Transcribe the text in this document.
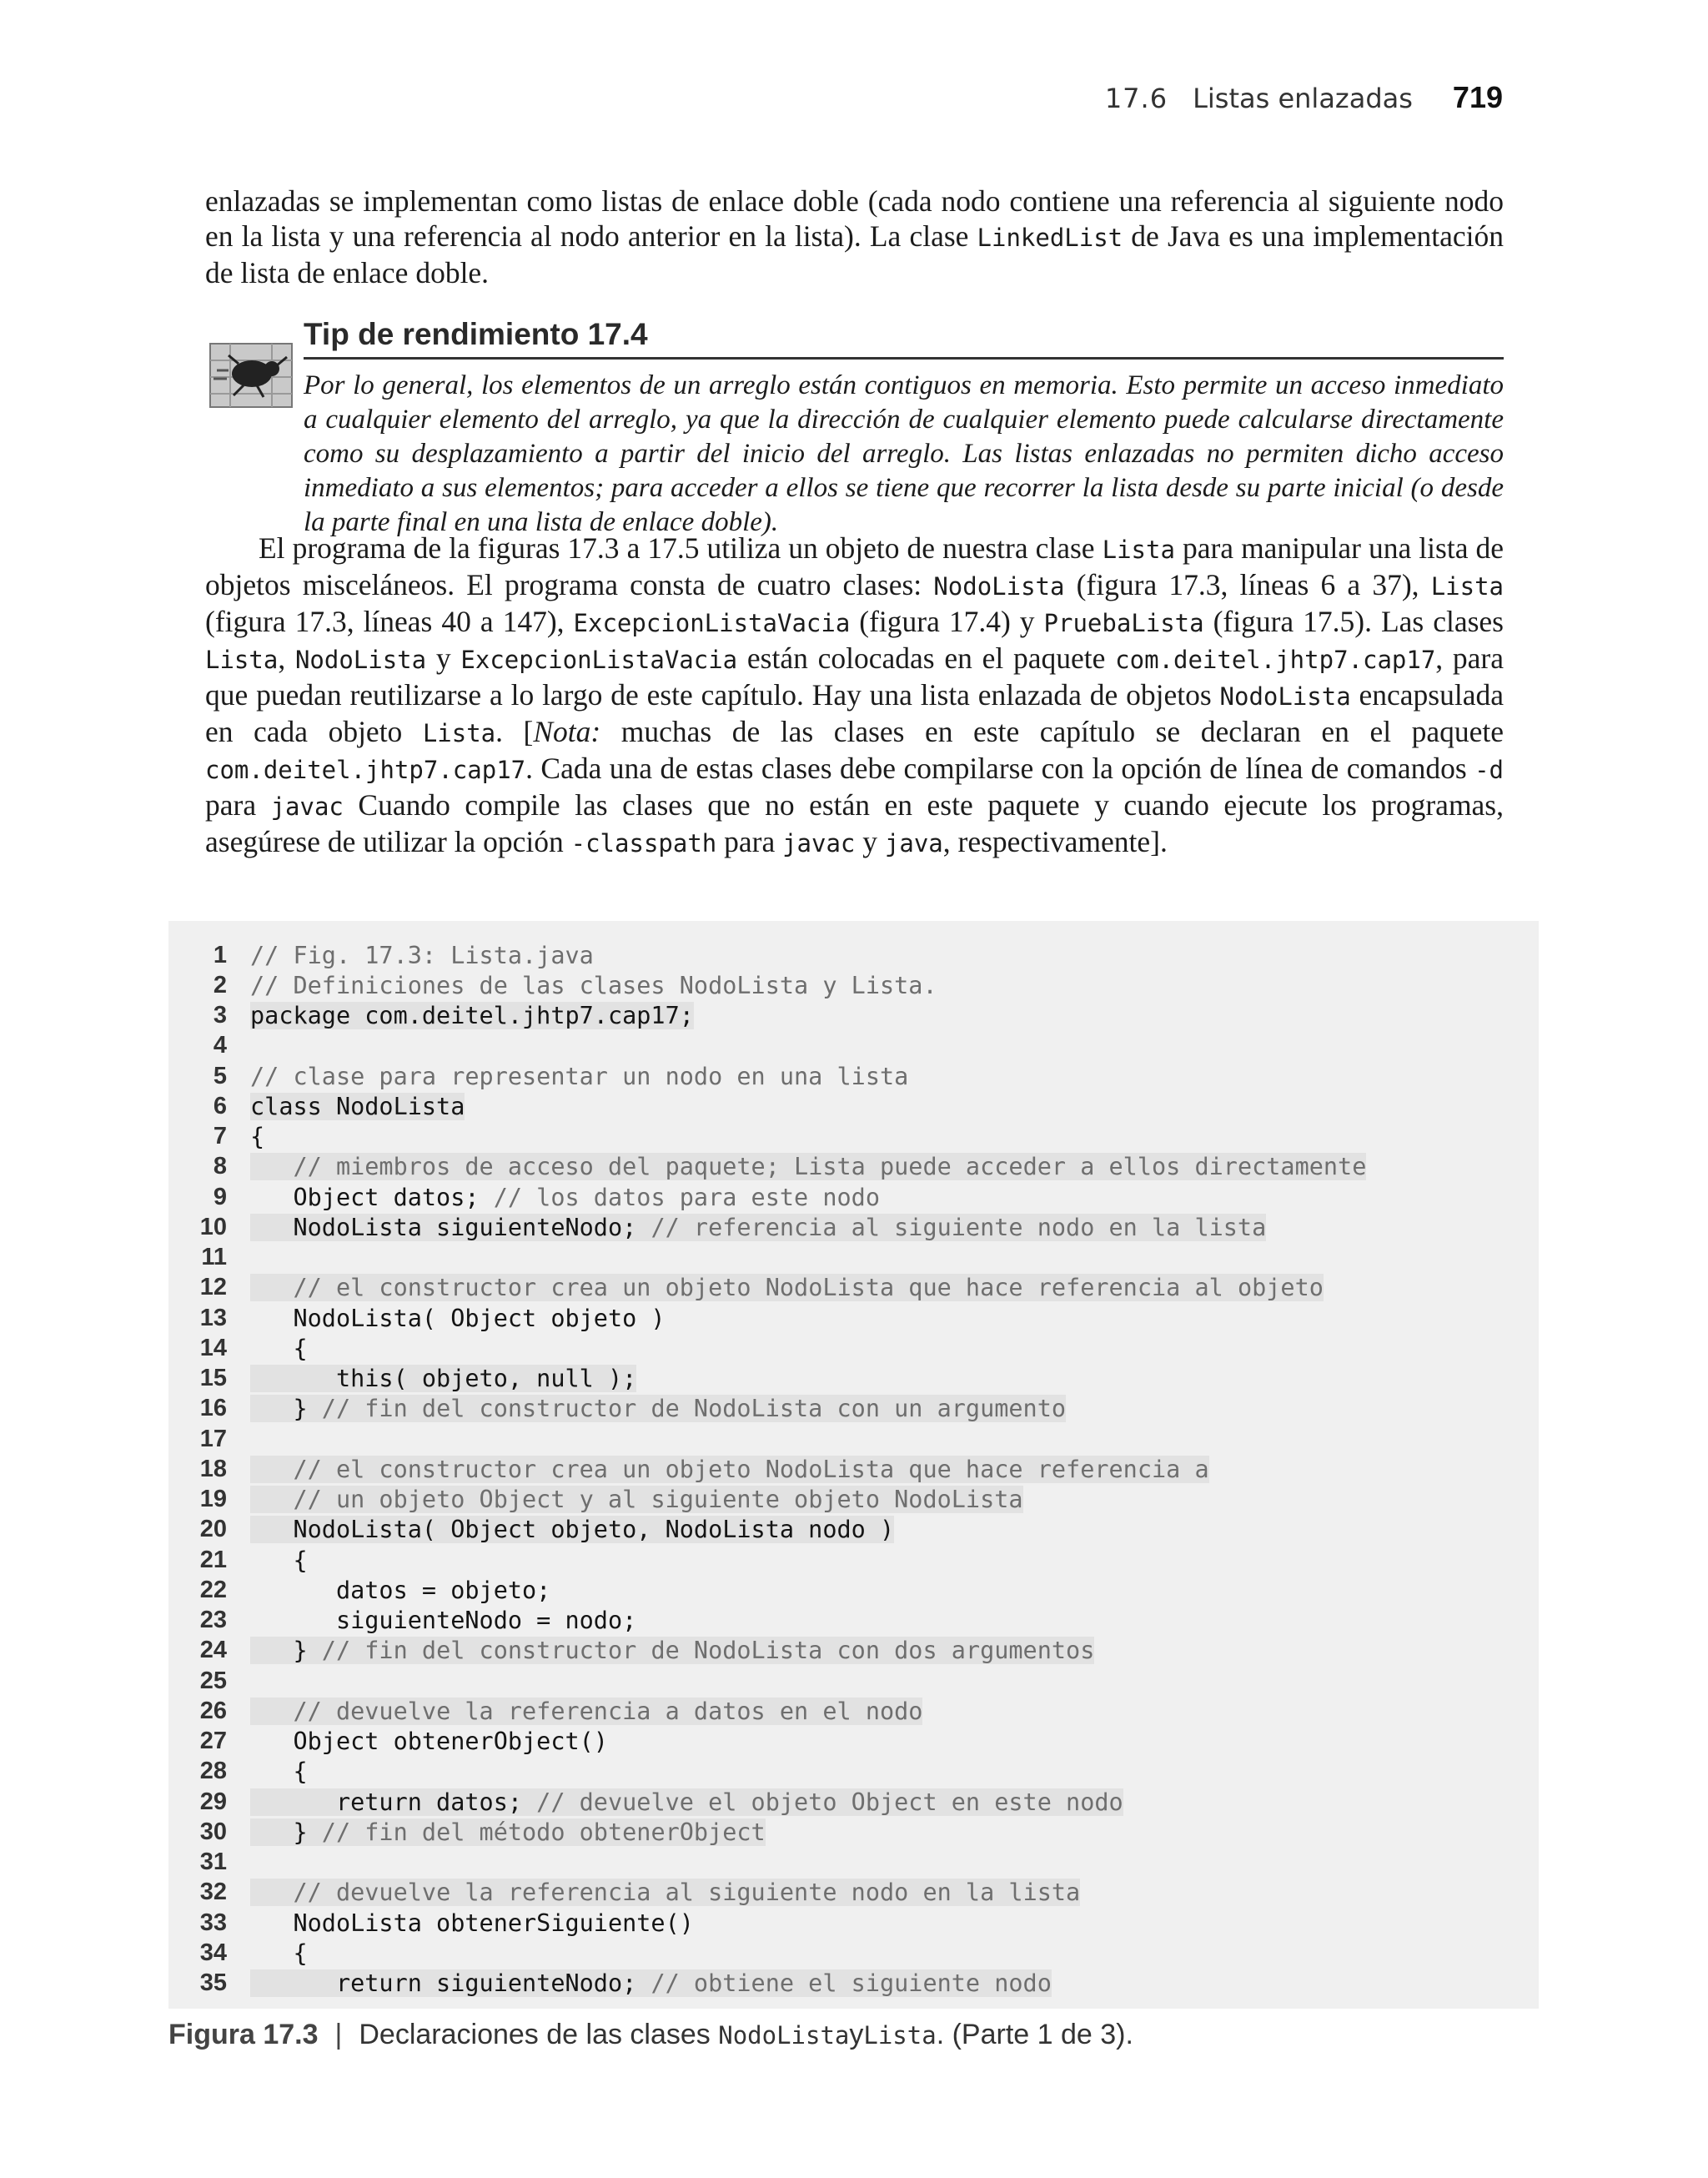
17.6 Listas enlazadas 719

enlazadas se implementan como listas de enlace doble (cada nodo contiene una referencia al siguiente nodo en la lista y una referencia al nodo anterior en la lista). La clase LinkedList de Java es una implementación de lista de enlace doble.

Tip de rendimiento 17.4

Por lo general, los elementos de un arreglo están contiguos en memoria. Esto permite un acceso inmediato a cualquier elemento del arreglo, ya que la dirección de cualquier elemento puede calcularse directamente como su desplazamiento a partir del inicio del arreglo. Las listas enlazadas no permiten dicho acceso inmediato a sus elementos; para acceder a ellos se tiene que recorrer la lista desde su parte inicial (o desde la parte final en una lista de enlace doble).

El programa de la figuras 17.3 a 17.5 utiliza un objeto de nuestra clase Lista para manipular una lista de objetos misceláneos. El programa consta de cuatro clases: NodoLista (figura 17.3, líneas 6 a 37), Lista (figura 17.3, líneas 40 a 147), ExcepcionListaVacia (figura 17.4) y PruebaLista (figura 17.5). Las clases Lista, NodoLista y ExcepcionListaVacia están colocadas en el paquete com.deitel.jhtp7.cap17, para que puedan reutilizarse a lo largo de este capítulo. Hay una lista enlazada de objetos NodoLista encapsulada en cada objeto Lista. [Nota: muchas de las clases en este capítulo se declaran en el paquete com.deitel.jhtp7.cap17. Cada una de estas clases debe compilarse con la opción de línea de comandos -d para javac Cuando compile las clases que no están en este paquete y cuando ejecute los programas, asegúrese de utilizar la opción -classpath para javac y java, respectivamente].

1 // Fig. 17.3: Lista.java
2 // Definiciones de las clases NodoLista y Lista.
3 package com.deitel.jhtp7.cap17;
4
5 // clase para representar un nodo en una lista
6 class NodoLista
7 {
8	// miembros de acceso del paquete; Lista puede acceder a ellos directamente
9 Object datos; // los datos para este nodo
10 NodoLista siguienteNodo; // referencia al siguiente nodo en la lista
11
12	// el constructor crea un objeto NodoLista que hace referencia al objeto
13 NodoLista( Object objeto )
14 {
15 this( objeto, null );
16 } // fin del constructor de NodoLista con un argumento
17
18	// el constructor crea un objeto NodoLista que hace referencia a
19	// un objeto Object y al siguiente objeto NodoLista
20 NodoLista( Object objeto, NodoLista nodo )
21 {
22 datos = objeto;
23 siguienteNodo = nodo;
24 } // fin del constructor de NodoLista con dos argumentos
25
26	// devuelve la referencia a datos en el nodo
27 Object obtenerObject()
28 {
29 return datos; // devuelve el objeto Object en este nodo
30 } // fin del método obtenerObject
31
32	// devuelve la referencia al siguiente nodo en la lista
33 NodoLista obtenerSiguiente()
34 {
35 return siguienteNodo; // obtiene el siguiente nodo
Figura 17.3 | Declaraciones de las clases
NodoLista y Lista . (Parte 1 de 3).
